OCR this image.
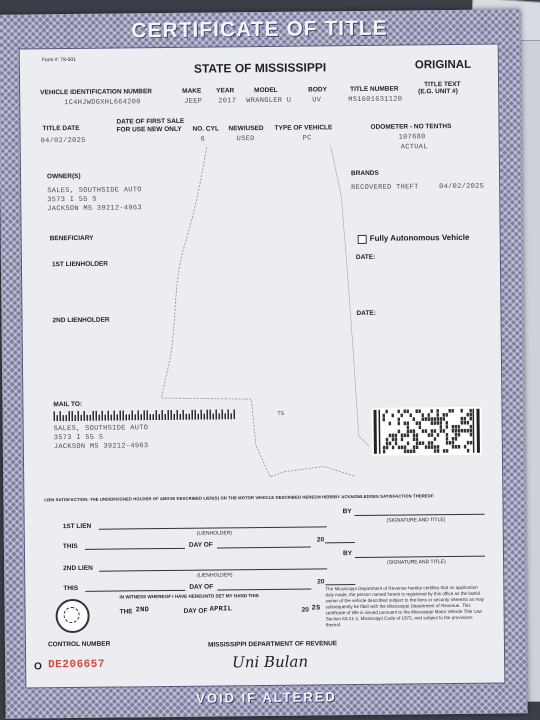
CERTIFICATE OF TITLE
Form #: 78-001
STATE OF MISSISSIPPI	ORIGINAL
VEHICLE IDENTIFICATION NUMBER
1C4HJWDGXHL664200
MAKE
JEEP
YEAR
2017
MODEL
WRANGLER U
BODY
UV
TITLE NUMBER
MS1601631120
TITLE TEXT
(E.G. UNIT #)
TITLE DATE
04/02/2025
DATE OF FIRST SALE
FOR USE NEW ONLY NO. CYL
6
NEW/USED
USED
TYPE OF VEHICLE
PC
ODOMETER - NO TENTHS
107680
ACTUAL
OWNER(S)
SALES, SOUTHSIDE AUTO
3573 I 55 S
JACKSON MS 39212-4963
BRANDS
RECOVERED THEFT	04/02/2025
BENEFICIARY	Fully Autonomous Vehicle
1ST LIENHOLDER
DATE:
2ND LIENHOLDER
DATE:
MAIL TO:
TS
SALES, SOUTHSIDE AUTO
3573 I 55 S
JACKSON MS 39212-4963
LIEN SATISFACTION: THE UNDERSIGNED HOLDER OF ABOVE DESCRIBED LIEN(S) ON THE MOTOR VEHICLE DESCRIBED HEREON HEREBY ACKNOWLEDGES SATISFACTION THEREOF.
1ST LIEN
(LIENHOLDER)
BY
(SIGNATURE AND TITLE)
THIS	DAY OF
20
2ND LIEN
(LIENHOLDER)
BY
(SIGNATURE AND TITLE)
THIS	DAY OF
20
IN WITNESS WHEREOF I HAVE HEREUNTO SET MY HAND THIS
THE 2ND	DAY OF APRIL	20 25
The Mississippi Department of Revenue hereby certifies that on application duly made, the person named herein is registered by this office as the lawful owner of the vehicle described subject to the liens or security interests as may subsequently be filed with the Mississippi Department of Revenue. This certificate of title is issued pursuant to the Mississippi Motor Vehicle Title Law Section 63-21-1, Mississippi Code of 1972, and subject to the provisions thereof.
CONTROL NUMBER
O DE206657
MISSISSIPPI DEPARTMENT OF REVENUE
Uni Bulan
VOID IF ALTERED
